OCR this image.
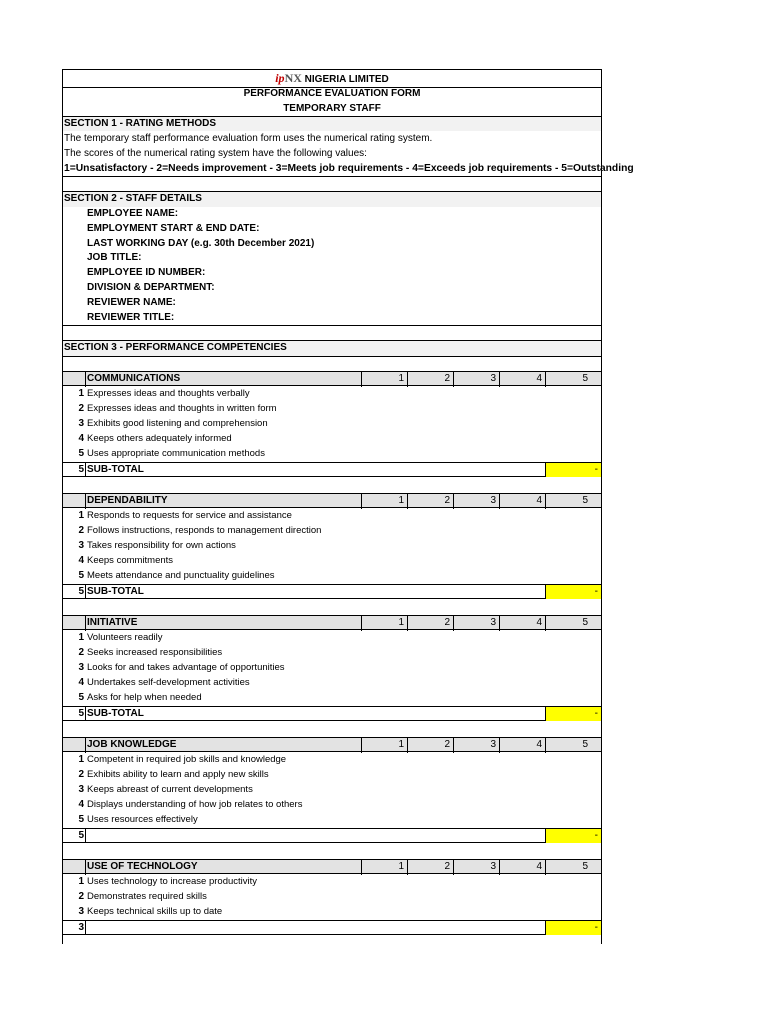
ipNX NIGERIA LIMITED
PERFORMANCE EVALUATION FORM
TEMPORARY STAFF
SECTION 1 - RATING METHODS
The temporary staff performance evaluation form uses the numerical rating system.
The scores of the numerical rating system have the following values:
1=Unsatisfactory - 2=Needs improvement - 3=Meets job requirements - 4=Exceeds job requirements - 5=Outstanding
SECTION 2 - STAFF DETAILS
EMPLOYEE NAME:
EMPLOYMENT START & END DATE:
LAST WORKING DAY (e.g. 30th December 2021)
JOB TITLE:
EMPLOYEE ID NUMBER:
DIVISION & DEPARTMENT:
REVIEWER NAME:
REVIEWER TITLE:
SECTION 3 - PERFORMANCE COMPETENCIES
COMMUNICATIONS	1	2	3	4	5
1 Expresses ideas and thoughts verbally
2 Expresses ideas and thoughts in written form
3 Exhibits good listening and comprehension
4 Keeps others adequately informed
5 Uses appropriate communication methods
5 SUB-TOTAL	-
DEPENDABILITY	1	2	3	4	5
1 Responds to requests for service and assistance
2 Follows instructions, responds to management direction
3 Takes responsibility for own actions
4 Keeps commitments
5 Meets attendance and punctuality guidelines
5 SUB-TOTAL	-
INITIATIVE	1	2	3	4	5
1 Volunteers readily
2 Seeks increased responsibilities
3 Looks for and takes advantage of opportunities
4 Undertakes self-development activities
5 Asks for help when needed
5 SUB-TOTAL	-
JOB KNOWLEDGE	1	2	3	4	5
1 Competent in required job skills and knowledge
2 Exhibits ability to learn and apply new skills
3 Keeps abreast of current developments
4 Displays understanding of how job relates to others
5 Uses resources effectively
5	-
USE OF TECHNOLOGY	1	2	3	4	5
1 Uses technology to increase productivity
2 Demonstrates required skills
3 Keeps technical skills up to date
3	-
